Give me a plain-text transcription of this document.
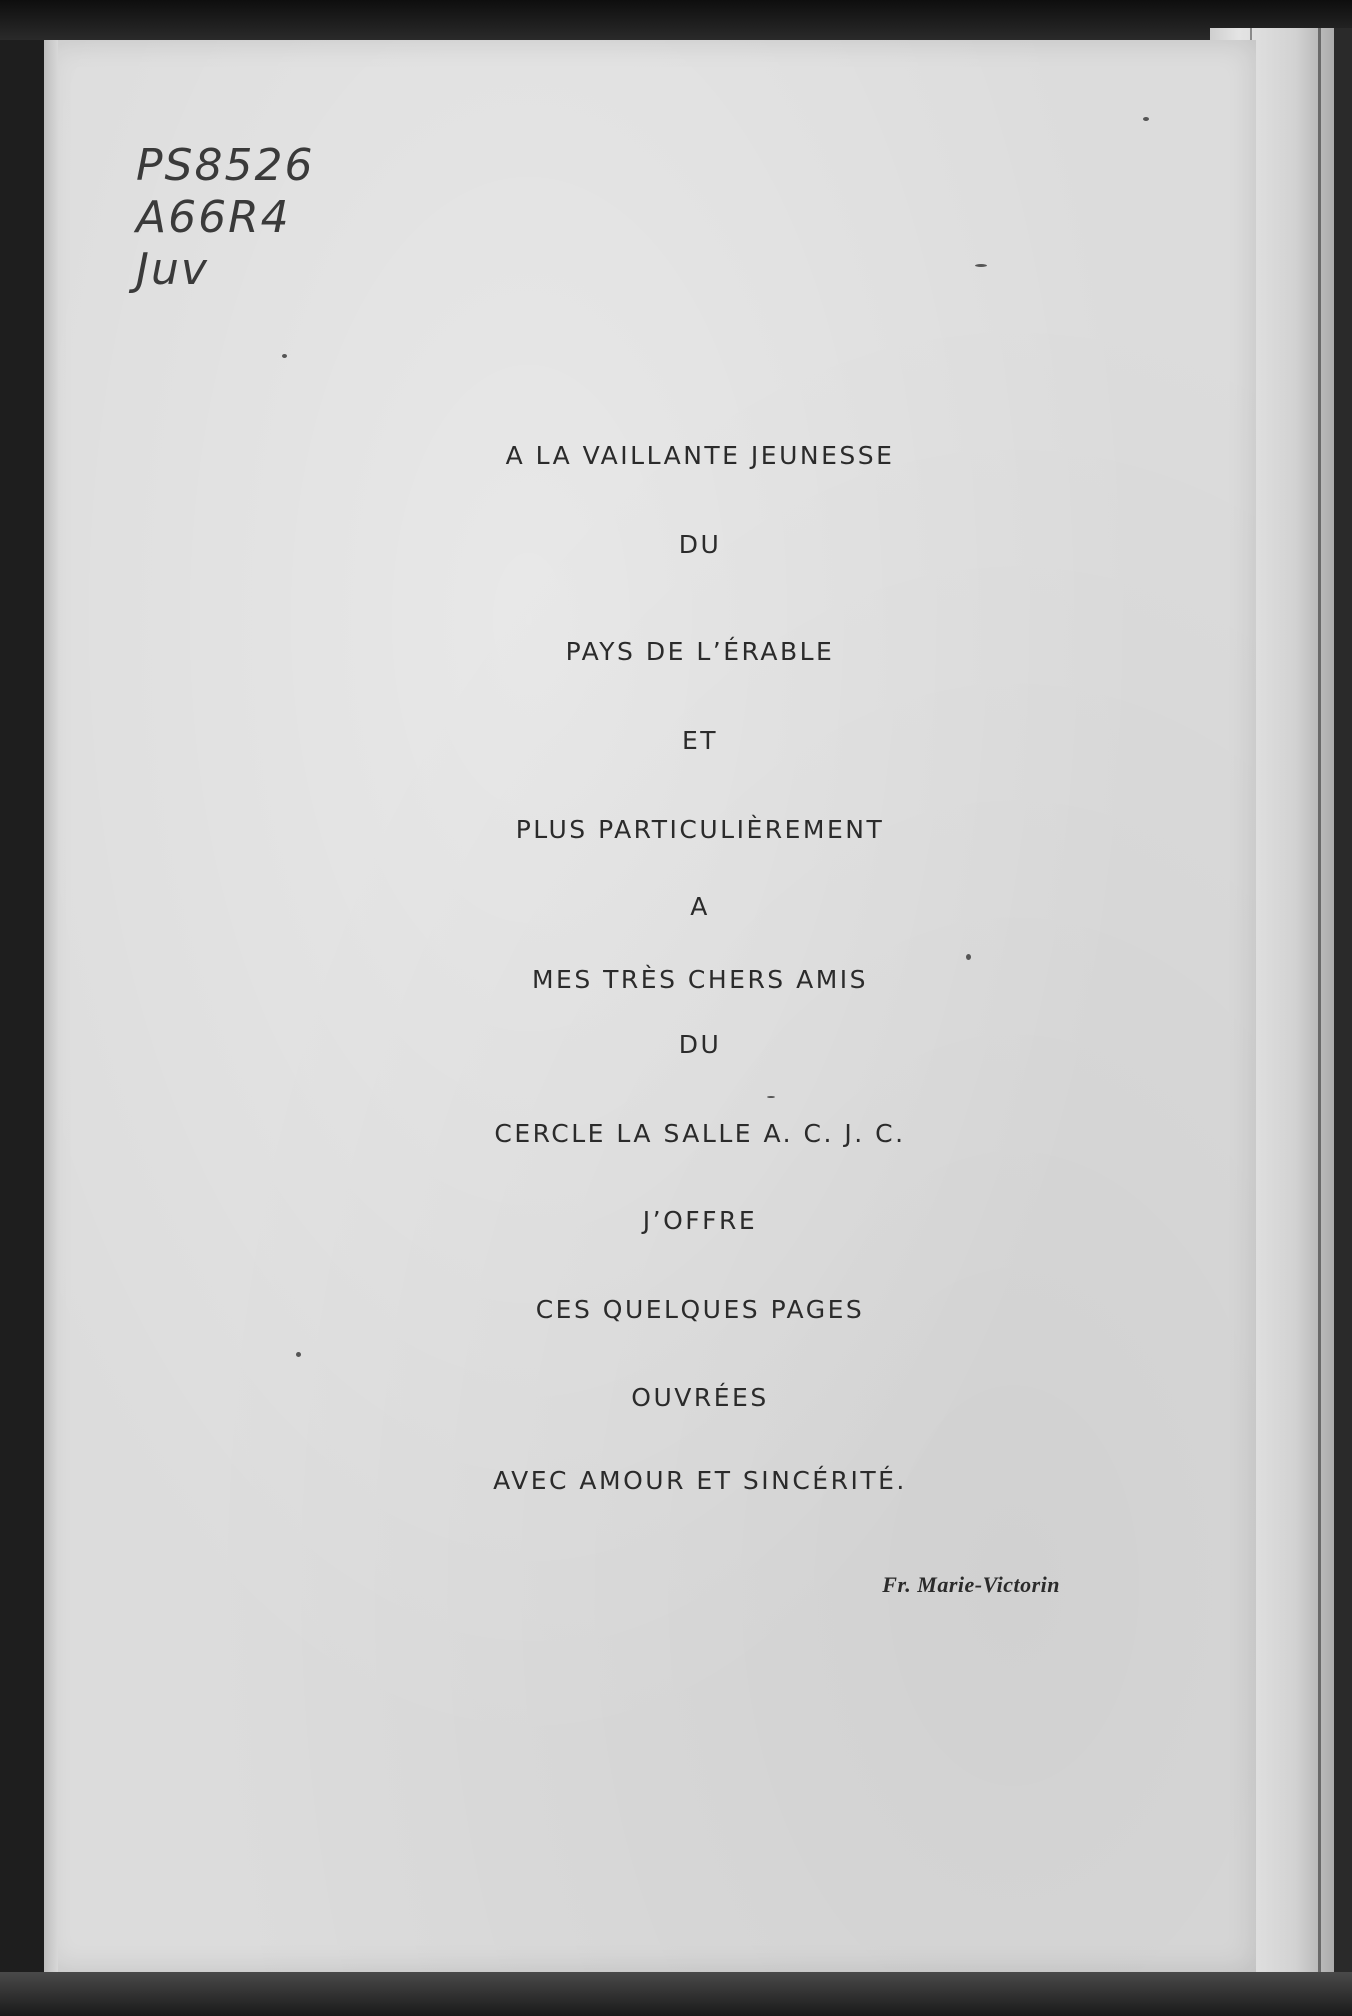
PS8526
A66R4
Juv
A LA VAILLANTE JEUNESSE
DU
PAYS DE L’ÉRABLE
ET
PLUS PARTICULIÈREMENT
A
MES TRÈS CHERS AMIS
DU
CERCLE LA SALLE A. C. J. C.
J’OFFRE
CES QUELQUES PAGES
OUVRÉES
AVEC AMOUR ET SINCÉRITÉ.
Fr. Marie-Victorin
